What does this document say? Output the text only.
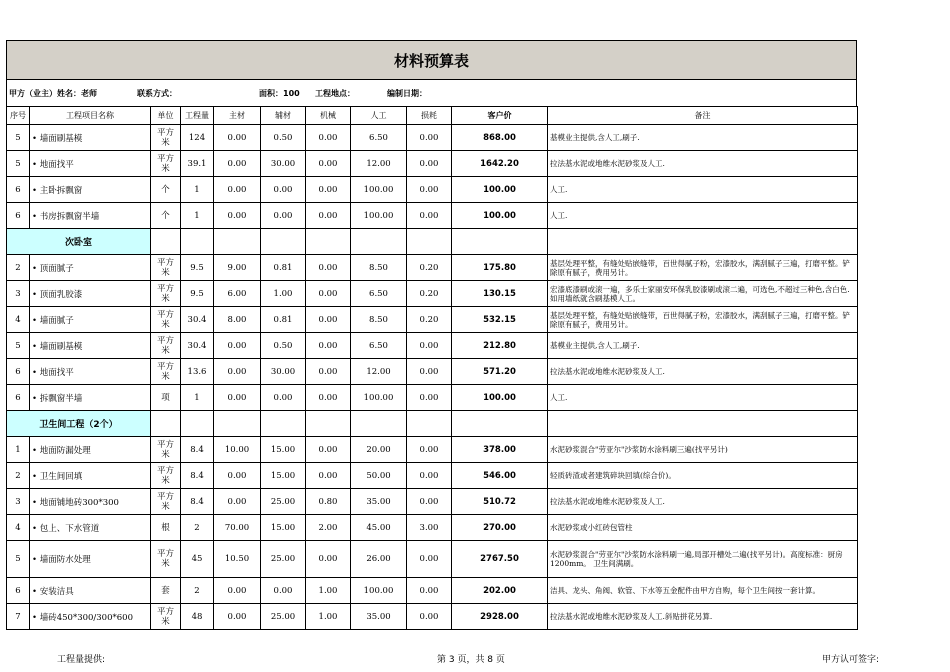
材料预算表
甲方（业主）姓名：老师	联系方式：	面积：100 工程地点：	编制日期：
序号	工程项目名称	单位	工程量	主材	辅材	机械	人工	损耗	客户价	备注
5	• 墙面刷基模	平方米	124	0.00	0.50	0.00	6.50	0.00	868.00	基模业主提供,含人工,刷子.
5	• 地面找平	平方米	39.1	0.00	30.00	0.00	12.00	0.00	1642.20	拉法基水泥或地维水泥砂浆及人工.
6	• 主卧拆飘窗	个	1	0.00	0.00	0.00	100.00	0.00	100.00	人工.
6	• 书房拆飘窗半墙	个	1	0.00	0.00	0.00	100.00	0.00	100.00	人工.
次卧室										
2	• 顶面腻子	平方米	9.5	9.00	0.81	0.00	8.50	0.20	175.80	基层处理平整，有缝处贴嵌缝带，百世得腻子粉，宏漆胶水，满刮腻子三遍，打磨平整。铲除原有腻子，费用另计。
3	• 顶面乳胶漆	平方米	9.5	6.00	1.00	0.00	6.50	0.20	130.15	宏漆底漆刷或滚一遍，多乐士家丽安环保乳胶漆刷或滚二遍，可选色,不超过三种色,含白色.如用墙纸就含刷基模人工。
4	• 墙面腻子	平方米	30.4	8.00	0.81	0.00	8.50	0.20	532.15	基层处理平整，有缝处贴嵌缝带，百世得腻子粉，宏漆胶水，满刮腻子三遍，打磨平整。铲除原有腻子，费用另计。
5	• 墙面刷基模	平方米	30.4	0.00	0.50	0.00	6.50	0.00	212.80	基模业主提供,含人工,刷子.
6	• 地面找平	平方米	13.6	0.00	30.00	0.00	12.00	0.00	571.20	拉法基水泥或地维水泥砂浆及人工.
6	• 拆飘窗半墙	项	1	0.00	0.00	0.00	100.00	0.00	100.00	人工.
卫生间工程（2个）										
1	• 地面防漏处理	平方米	8.4	10.00	15.00	0.00	20.00	0.00	378.00	水泥砂浆混合"劳亚尔"沙浆防水涂料刷三遍(找平另计)
2	• 卫生间回填	平方米	8.4	0.00	15.00	0.00	50.00	0.00	546.00	轻质砖渣或者建筑碎块回填(综合价)。
3	• 地面铺地砖300*300	平方米	8.4	0.00	25.00	0.80	35.00	0.00	510.72	拉法基水泥或地维水泥砂浆及人工.
4	• 包上、下水管道	根	2	70.00	15.00	2.00	45.00	3.00	270.00	水泥砂浆或小红砖包管柱
5	• 墙面防水处理	平方米	45	10.50	25.00	0.00	26.00	0.00	2767.50	水泥砂浆混合"劳亚尔"沙浆防水涂料刷一遍,局部开槽处二遍(找平另计)。高度标准：厨房1200mm。 卫生间满刷。
6	• 安装洁具	套	2	0.00	0.00	1.00	100.00	0.00	202.00	洁具、龙头、角阀、软管、下水等五金配件由甲方自购，每个卫生间按一套计算。
7	• 墙砖450*300/300*600	平方米	48	0.00	25.00	1.00	35.00	0.00	2928.00	拉法基水泥或地维水泥砂浆及人工.斜贴拼花另算.
工程量提供:	第 3 页，共 8 页	甲方认可签字:
